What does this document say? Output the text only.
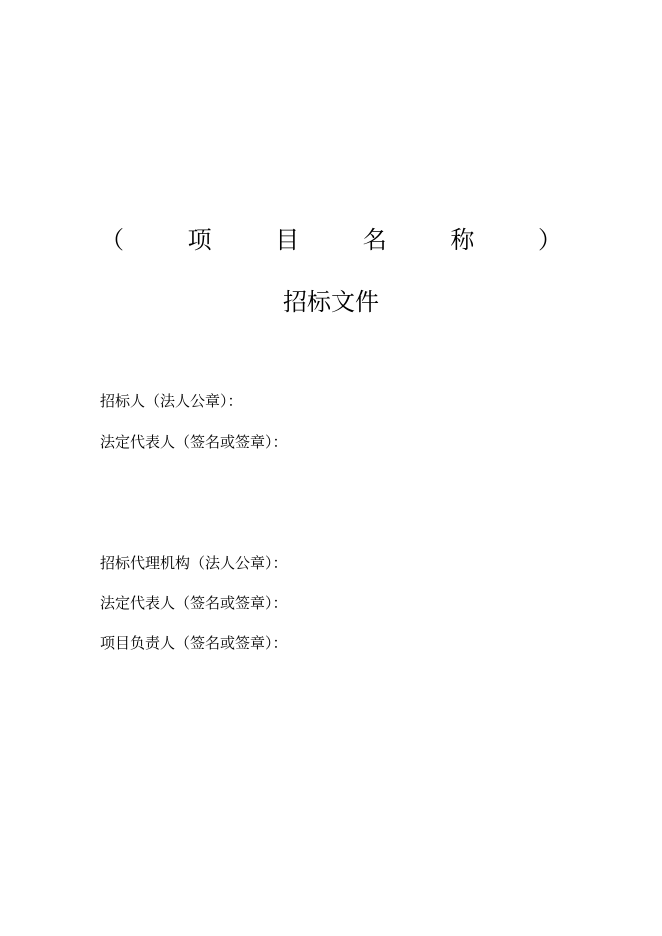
（	项	目	名	称	）
招标文件
招标人（法人公章）：
法定代表人（签名或签章）：
招标代理机构（法人公章）：
法定代表人（签名或签章）：
项目负责人（签名或签章）：
